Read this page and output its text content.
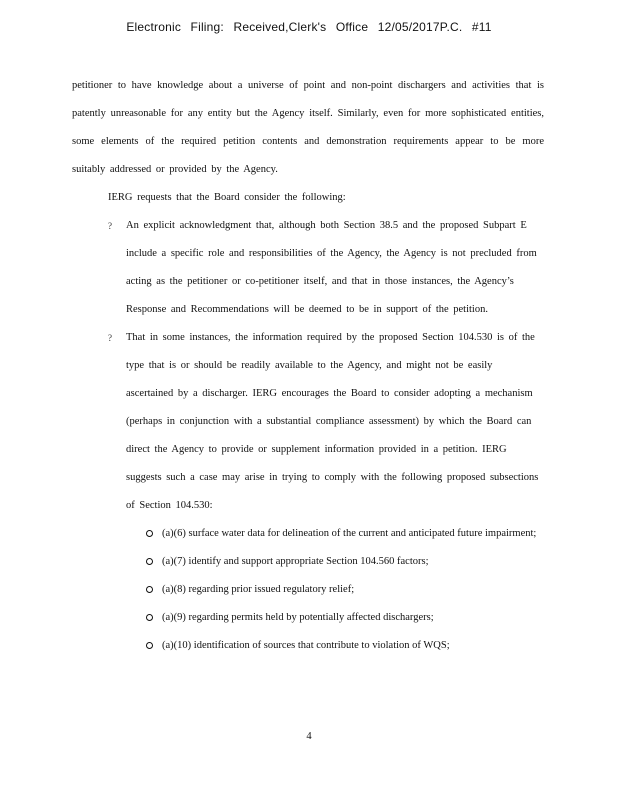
Electronic Filing: Received,Clerk's Office 12/05/2017P.C. #11

petitioner to have knowledge about a universe of point and non-point dischargers and activities that is patently unreasonable for any entity but the Agency itself. Similarly, even for more sophisticated entities, some elements of the required petition contents and demonstration requirements appear to be more suitably addressed or provided by the Agency.

IERG requests that the Board consider the following:

?	An explicit acknowledgment that, although both Section 38.5 and the proposed Subpart E include a specific role and responsibilities of the Agency, the Agency is not precluded from acting as the petitioner or co-petitioner itself, and that in those instances, the Agency’s Response and Recommendations will be deemed to be in support of the petition.
?	That in some instances, the information required by the proposed Section 104.530 is of the type that is or should be readily available to the Agency, and might not be easily ascertained by a discharger. IERG encourages the Board to consider adopting a mechanism (perhaps in conjunction with a substantial compliance assessment) by which the Board can direct the Agency to provide or supplement information provided in a petition. IERG suggests such a case may arise in trying to comply with the following proposed subsections of Section 104.530:
(a)(6) surface water data for delineation of the current and anticipated future impairment;
(a)(7) identify and support appropriate Section 104.560 factors;
(a)(8) regarding prior issued regulatory relief;
(a)(9) regarding permits held by potentially affected dischargers;
(a)(10) identification of sources that contribute to violation of WQS;
4
